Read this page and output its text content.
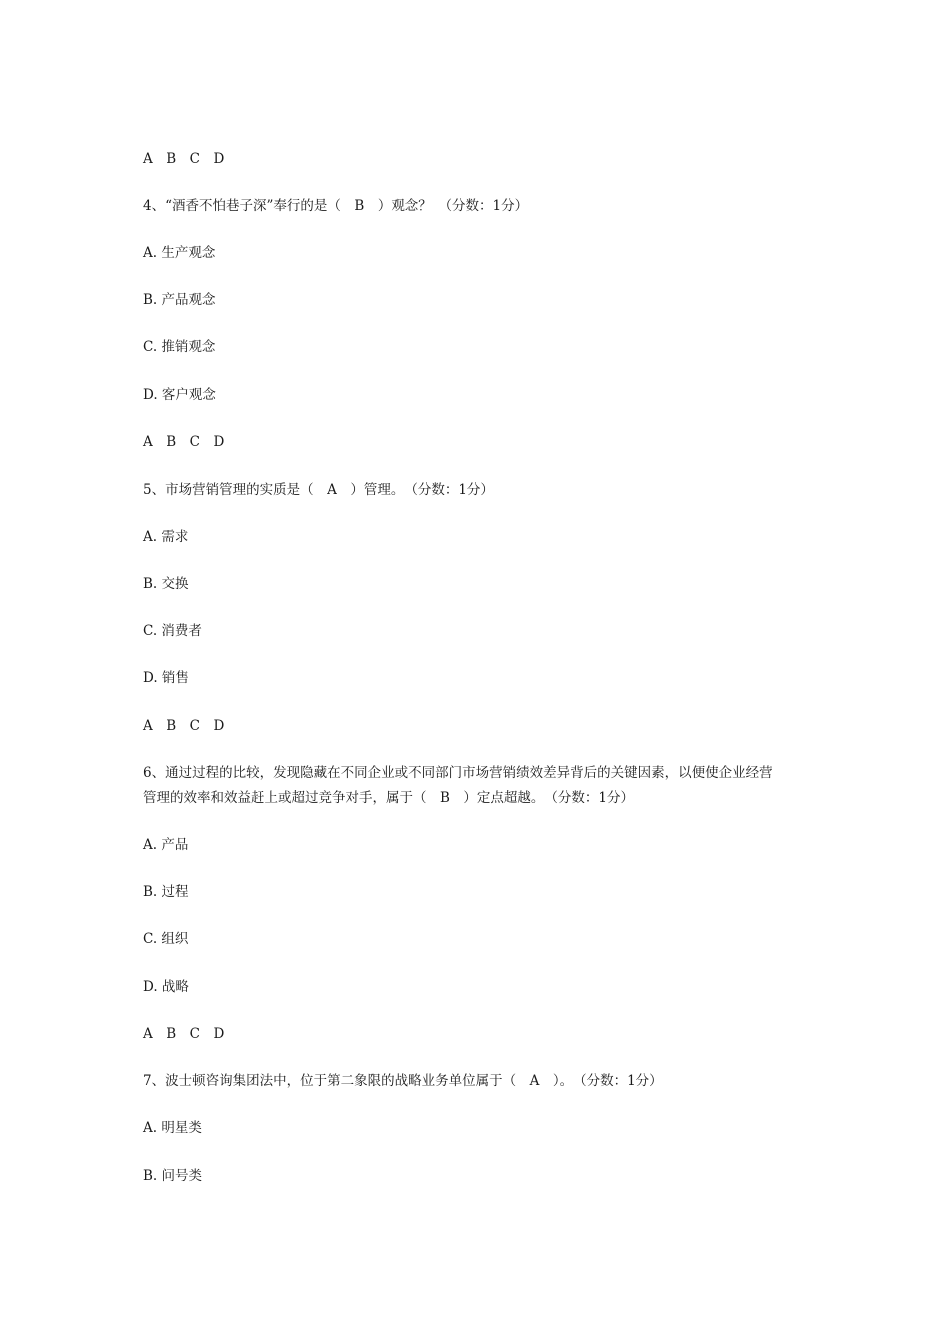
A　B　C　D
4、“酒香不怕巷子深”奉行的是（　B　）观念？　（分数：1分）
A. 生产观念
B. 产品观念
C. 推销观念
D. 客户观念
A　B　C　D
5、市场营销管理的实质是（　A　）管理。　（分数：1分）
A. 需求
B. 交换
C. 消费者
D. 销售
A　B　C　D
6、通过过程的比较，发现隐藏在不同企业或不同部门市场营销绩效差异背后的关键因素，以便使企业经营
管理的效率和效益赶上或超过竞争对手，属于（　B　）定点超越。　（分数：1分）
A. 产品
B. 过程
C. 组织
D. 战略
A　B　C　D
7、波士顿咨询集团法中，位于第二象限的战略业务单位属于（　A　）。　（分数：1分）
A. 明星类
B. 问号类
